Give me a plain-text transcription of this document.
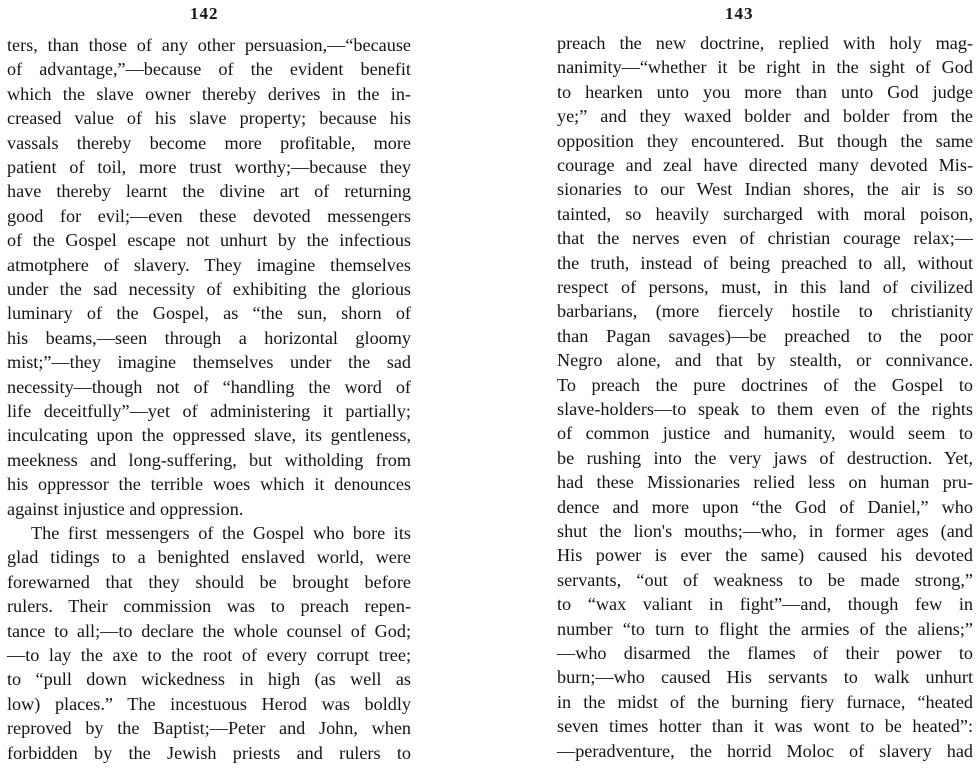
142
ters, than those of any other persuasion,—“because
of advantage,”—because of the evident benefit
which the slave owner thereby derives in the in-
creased value of his slave property; because his
vassals thereby become more profitable, more
patient of toil, more trust worthy;—because they
have thereby learnt the divine art of returning
good for evil;—even these devoted messengers
of the Gospel escape not unhurt by the infectious
atmotphere of slavery. They imagine themselves
under the sad necessity of exhibiting the glorious
luminary of the Gospel, as “the sun, shorn of
his beams,—seen through a horizontal gloomy
mist;”—they imagine themselves under the sad
necessity—though not of “handling the word of
life deceitfully”—yet of administering it partially;
inculcating upon the oppressed slave, its gentleness,
meekness and long-suffering, but witholding from
his oppressor the terrible woes which it denounces
against injustice and oppression.
The first messengers of the Gospel who bore its
glad tidings to a benighted enslaved world, were
forewarned that they should be brought before
rulers. Their commission was to preach repen-
tance to all;—to declare the whole counsel of God;
—to lay the axe to the root of every corrupt tree;
to “pull down wickedness in high (as well as
low) places.” The incestuous Herod was boldly
reproved by the Baptist;—Peter and John, when
forbidden by the Jewish priests and rulers to
143
preach the new doctrine, replied with holy mag-
nanimity—“whether it be right in the sight of God
to hearken unto you more than unto God judge
ye;” and they waxed bolder and bolder from the
opposition they encountered. But though the same
courage and zeal have directed many devoted Mis-
sionaries to our West Indian shores, the air is so
tainted, so heavily surcharged with moral poison,
that the nerves even of christian courage relax;—
the truth, instead of being preached to all, without
respect of persons, must, in this land of civilized
barbarians, (more fiercely hostile to christianity
than Pagan savages)—be preached to the poor
Negro alone, and that by stealth, or connivance.
To preach the pure doctrines of the Gospel to
slave-holders—to speak to them even of the rights
of common justice and humanity, would seem to
be rushing into the very jaws of destruction. Yet,
had these Missionaries relied less on human pru-
dence and more upon “the God of Daniel,” who
shut the lion's mouths;—who, in former ages (and
His power is ever the same) caused his devoted
servants, “out of weakness to be made strong,”
to “wax valiant in fight”—and, though few in
number “to turn to flight the armies of the aliens;”
—who disarmed the flames of their power to
burn;—who caused His servants to walk unhurt
in the midst of the burning fiery furnace, “heated
seven times hotter than it was wont to be heated”:
—peradventure, the horrid Moloc of slavery had
